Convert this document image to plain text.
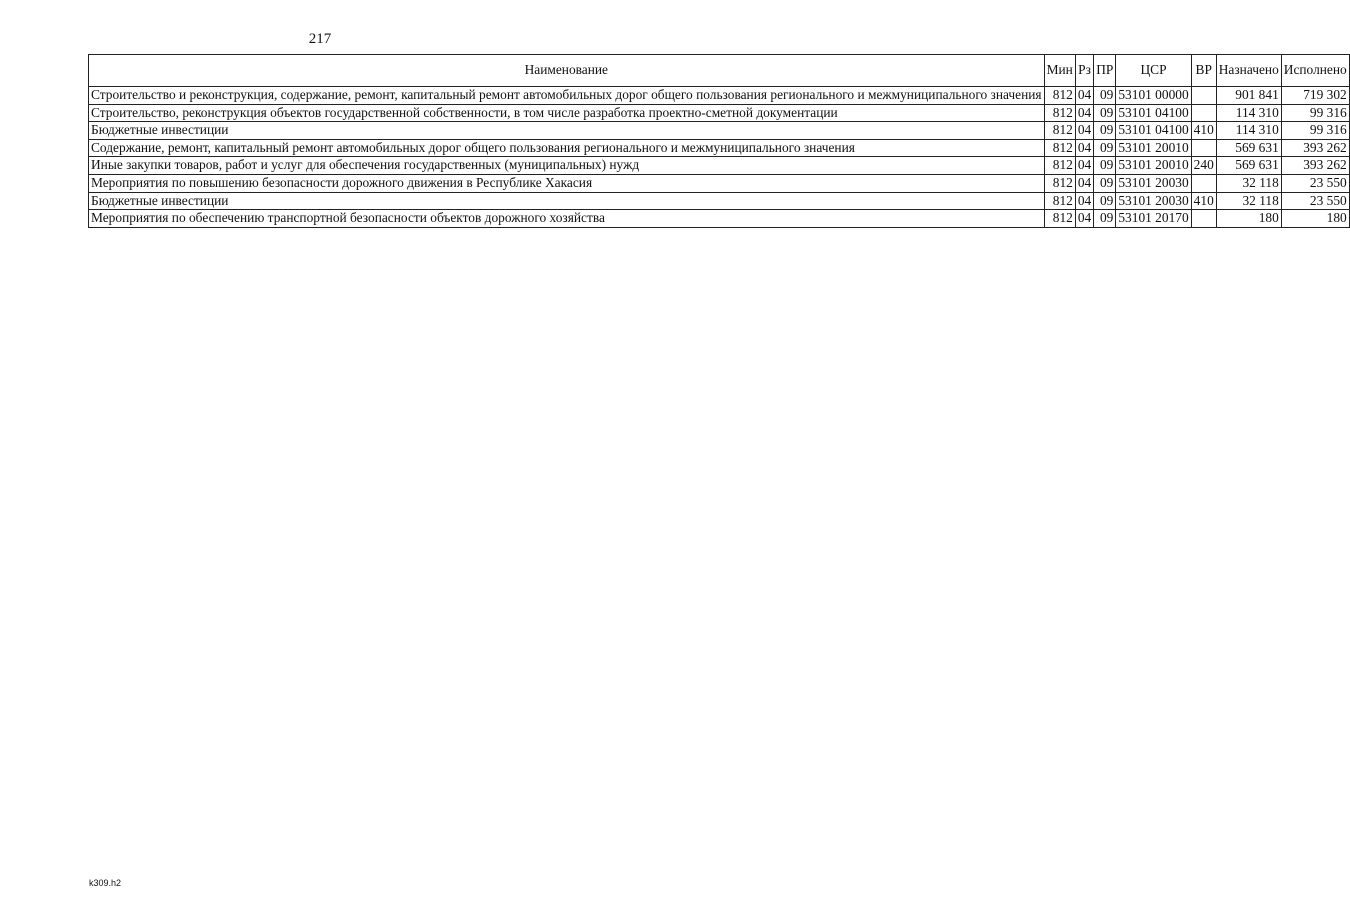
217
Наименование	Мин	Рз	ПР	ЦСР	ВР	Назначено	Исполнено
Строительство и реконструкция, содержание, ремонт, капитальный ремонт автомобильных дорог общего пользования регионального и межмуниципального значения	812	04	09	53101 00000		901 841	719 302
Строительство, реконструкция объектов государственной собственности, в том числе разработка проектно-сметной документации	812	04	09	53101 04100		114 310	99 316
Бюджетные инвестиции	812	04	09	53101 04100	410	114 310	99 316
Содержание, ремонт, капитальный ремонт автомобильных дорог общего пользования регионального и межмуниципального значения	812	04	09	53101 20010		569 631	393 262
Иные закупки товаров, работ и услуг для обеспечения государственных (муниципальных) нужд	812	04	09	53101 20010	240	569 631	393 262
Мероприятия по повышению безопасности дорожного движения в Республике Хакасия	812	04	09	53101 20030		32 118	23 550
Бюджетные инвестиции	812	04	09	53101 20030	410	32 118	23 550
Мероприятия по обеспечению транспортной безопасности объектов дорожного хозяйства	812	04	09	53101 20170		180	180
k309.h2
